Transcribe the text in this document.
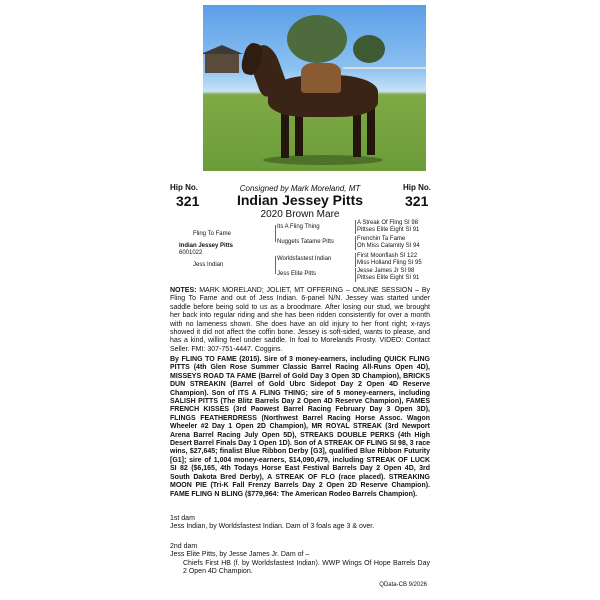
Consigned by Mark Moreland, MT
Hip No.
321
Hip No.
321
Indian Jessey Pitts
2020 Brown Mare
Fling To Fame
Indian Jessey Pitts
6001022
Jess Indian
Its A Fling Thing
Nuggets Tatame Pitts
Worldsfastest Indian
Jess Elite Pitts
A Streak Of Fling SI 98
Pittses Elite Eight SI 91
Frenchin Ta Fame
Oh Miss Calamity SI 94
First Moonflash SI 122
Miss Holland Fling SI 95
Jesse James Jr SI 98
Pittses Elite Eight SI 91
NOTES: MARK MORELAND; JOLIET, MT OFFERING – ONLINE SESSION – By Fling To Fame and out of Jess Indian. 6-panel N/N. Jessey was started under saddle before being sold to us as a broodmare. After losing our stud, we brought her back into regular riding and she has been ridden consistently for over a month with no lameness shown. She does have an old injury to her front right; x-rays showed it did not affect the coffin bone. Jessey is soft-sided, wants to please, and has a kind, willing feel under saddle. In foal to Morelands Frosty. VIDEO: Contact Seller. FMI: 307-751-4447. Coggins.
By FLING TO FAME (2015). Sire of 3 money-earners, including QUICK FLING PITTS (4th Glen Rose Summer Classic Barrel Racing All-Runs Open 4D), MISSEYS ROAD TA FAME (Barrel of Gold Day 3 Open 3D Champion), BRICKS DUN STREAKIN (Barrel of Gold Ubrc Sidepot Day 2 Open 4D Reserve Champion). Son of ITS A FLING THING; sire of 5 money-earners, including SALISH PITTS (The Blitz Barrels Day 2 Open 4D Reserve Champion), FAMES FRENCH KISSES (3rd Paowest Barrel Racing February Day 3 Open 3D), FLINGS FEATHERDRESS (Northwest Barrel Racing Horse Assoc. Wagon Wheeler #2 Day 1 Open 2D Champion), MR ROYAL STREAK (3rd Newport Arena Barrel Racing July Open 5D), STREAKS DOUBLE PERKS (4th High Desert Barrel Finals Day 1 Open 1D). Son of A STREAK OF FLING SI 98, 3 race wins, $27,645; finalist Blue Ribbon Derby [G3], qualified Blue Ribbon Futurity [G1]; sire of 1,004 money-earners, $14,090,479, including STREAK OF LUCK SI 82 ($6,165, 4th Todays Horse East Festival Barrels Day 2 Open 4D, 3rd South Dakota Bred Derby), A STREAK OF FLO (race placed). STREAKING MOON PIE (Tri-K Fall Frenzy Barrels Day 2 Open 2D Reserve Champion). FAME FLING N BLING ($779,964: The American Rodeo Barrels Champion).
1st dam
Jess Indian, by Worldsfastest Indian. Dam of 3 foals age 3 & over.
2nd dam
Jess Elite Pitts, by Jesse James Jr. Dam of –
Chiefs First HB (f. by Worldsfastest Indian). WWP Wings Of Hope Barrels Day 2 Open 4D Champion.
QData-CB 9/2026
